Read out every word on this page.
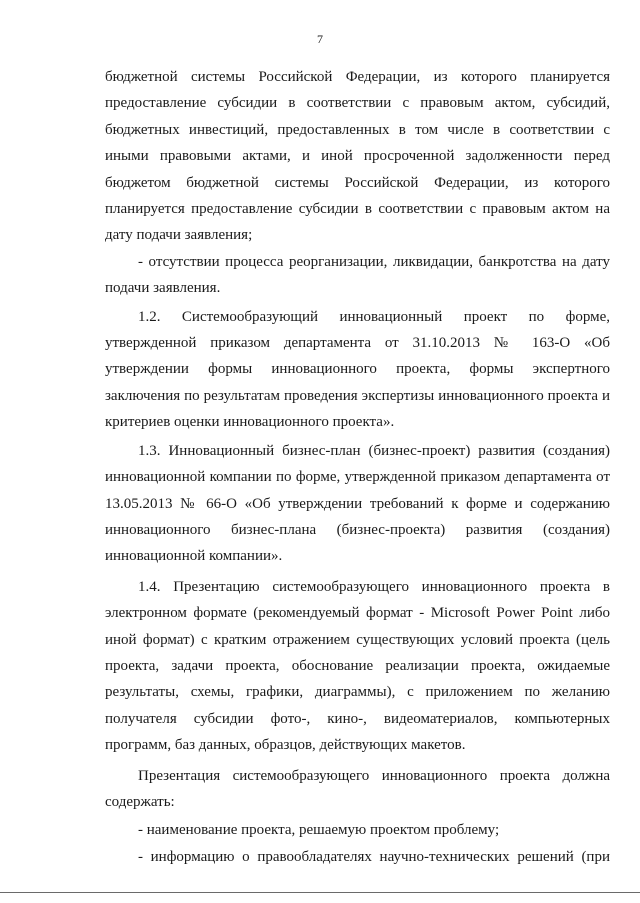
7

бюджетной системы Российской Федерации, из которого планируется предоставление субсидии в соответствии с правовым актом, субсидий, бюджетных инвестиций, предоставленных в том числе в соответствии с иными правовыми актами, и иной просроченной задолженности перед бюджетом бюджетной системы Российской Федерации, из которого планируется предоставление субсидии в соответствии с правовым актом на дату подачи заявления;

- отсутствии процесса реорганизации, ликвидации, банкротства на дату подачи заявления.

1.2. Системообразующий инновационный проект по форме, утвержденной приказом департамента от 31.10.2013 № 163-О «Об утверждении формы инновационного проекта, формы экспертного заключения по результатам проведения экспертизы инновационного проекта и критериев оценки инновационного проекта».

1.3. Инновационный бизнес-план (бизнес-проект) развития (создания) инновационной компании по форме, утвержденной приказом департамента от 13.05.2013 № 66-О «Об утверждении требований к форме и содержанию инновационного бизнес-плана (бизнес-проекта) развития (создания) инновационной компании».

1.4. Презентацию системообразующего инновационного проекта в электронном формате (рекомендуемый формат - Microsoft Power Point либо иной формат) с кратким отражением существующих условий проекта (цель проекта, задачи проекта, обоснование реализации проекта, ожидаемые результаты, схемы, графики, диаграммы), с приложением по желанию получателя субсидии фото-, кино-, видеоматериалов, компьютерных программ, баз данных, образцов, действующих макетов.

Презентация системообразующего инновационного проекта должна содержать:

- наименование проекта, решаемую проектом проблему;

- информацию о правообладателях научно-технических решений (при
